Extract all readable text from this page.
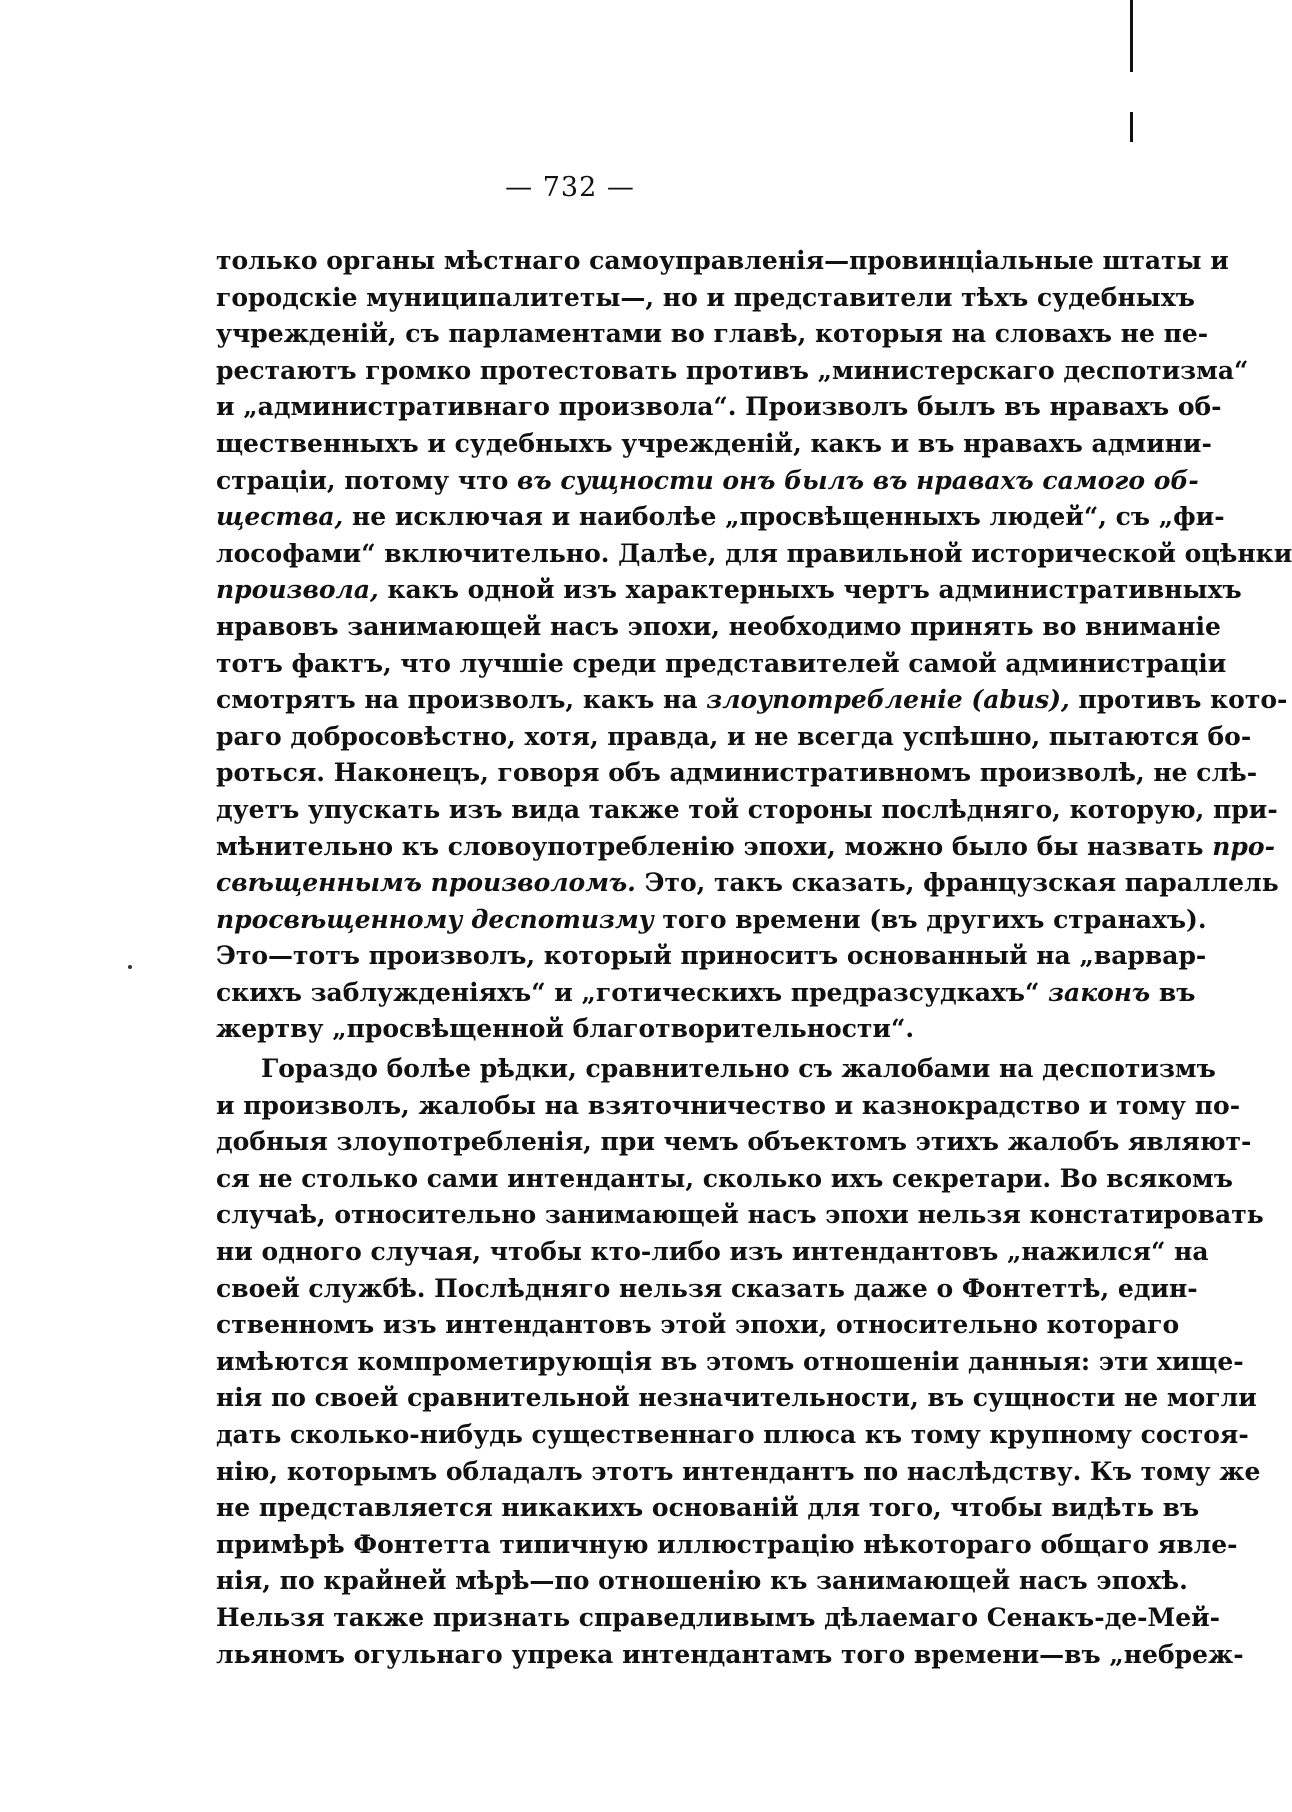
— 732 —
только органы мѣстнаго самоуправленія—провинціальные штаты и
городскіе муниципалитеты—, но и представители тѣхъ судебныхъ
учрежденій, съ парламентами во главѣ, которыя на словахъ не пе-
рестаютъ громко протестовать противъ „министерскаго деспотизма“
и „административнаго произвола“. Произволъ былъ въ нравахъ об-
щественныхъ и судебныхъ учрежденій, какъ и въ нравахъ админи-
страціи, потому что въ сущности онъ былъ въ нравахъ самого об-
щества, не исключая и наиболѣе „просвѣщенныхъ людей“, съ „фи-
лософами“ включительно. Далѣе, для правильной исторической оцѣнки
произвола, какъ одной изъ характерныхъ чертъ административныхъ
нравовъ занимающей насъ эпохи, необходимо принять во вниманіе
тотъ фактъ, что лучшіе среди представителей самой администраціи
смотрятъ на произволъ, какъ на злоупотребленіе (abus), противъ кото-
раго добросовѣстно, хотя, правда, и не всегда успѣшно, пытаются бо-
роться. Наконецъ, говоря объ административномъ произволѣ, не слѣ-
дуетъ упускать изъ вида также той стороны послѣдняго, которую, при-
мѣнительно къ словоупотребленію эпохи, можно было бы назвать про-
свѣщеннымъ произволомъ. Это, такъ сказать, французская параллель
просвѣщенному деспотизму того времени (въ другихъ странахъ).
Это—тотъ произволъ, который приноситъ основанный на „варвар-
скихъ заблужденіяхъ“ и „готическихъ предразсудкахъ“ законъ въ
жертву „просвѣщенной благотворительности“.
Гораздо болѣе рѣдки, сравнительно съ жалобами на деспотизмъ
и произволъ, жалобы на взяточничество и казнокрадство и тому по-
добныя злоупотребленія, при чемъ объектомъ этихъ жалобъ являют-
ся не столько сами интенданты, сколько ихъ секретари. Во всякомъ
случаѣ, относительно занимающей насъ эпохи нельзя констатировать
ни одного случая, чтобы кто-либо изъ интендантовъ „нажился“ на
своей службѣ. Послѣдняго нельзя сказать даже о Фонтеттѣ, един-
ственномъ изъ интендантовъ этой эпохи, относительно котораго
имѣются компрометирующія въ этомъ отношеніи данныя: эти хище-
нія по своей сравнительной незначительности, въ сущности не могли
дать сколько-нибудь существеннаго плюса къ тому крупному состоя-
нію, которымъ обладалъ этотъ интендантъ по наслѣдству. Къ тому же
не представляется никакихъ основаній для того, чтобы видѣть въ
примѣрѣ Фонтетта типичную иллюстрацію нѣкотораго общаго явле-
нія, по крайней мѣрѣ—по отношенію къ занимающей насъ эпохѣ.
Нельзя также признать справедливымъ дѣлаемаго Сенакъ-де-Мей-
льяномъ огульнаго упрека интендантамъ того времени—въ „небреж-
